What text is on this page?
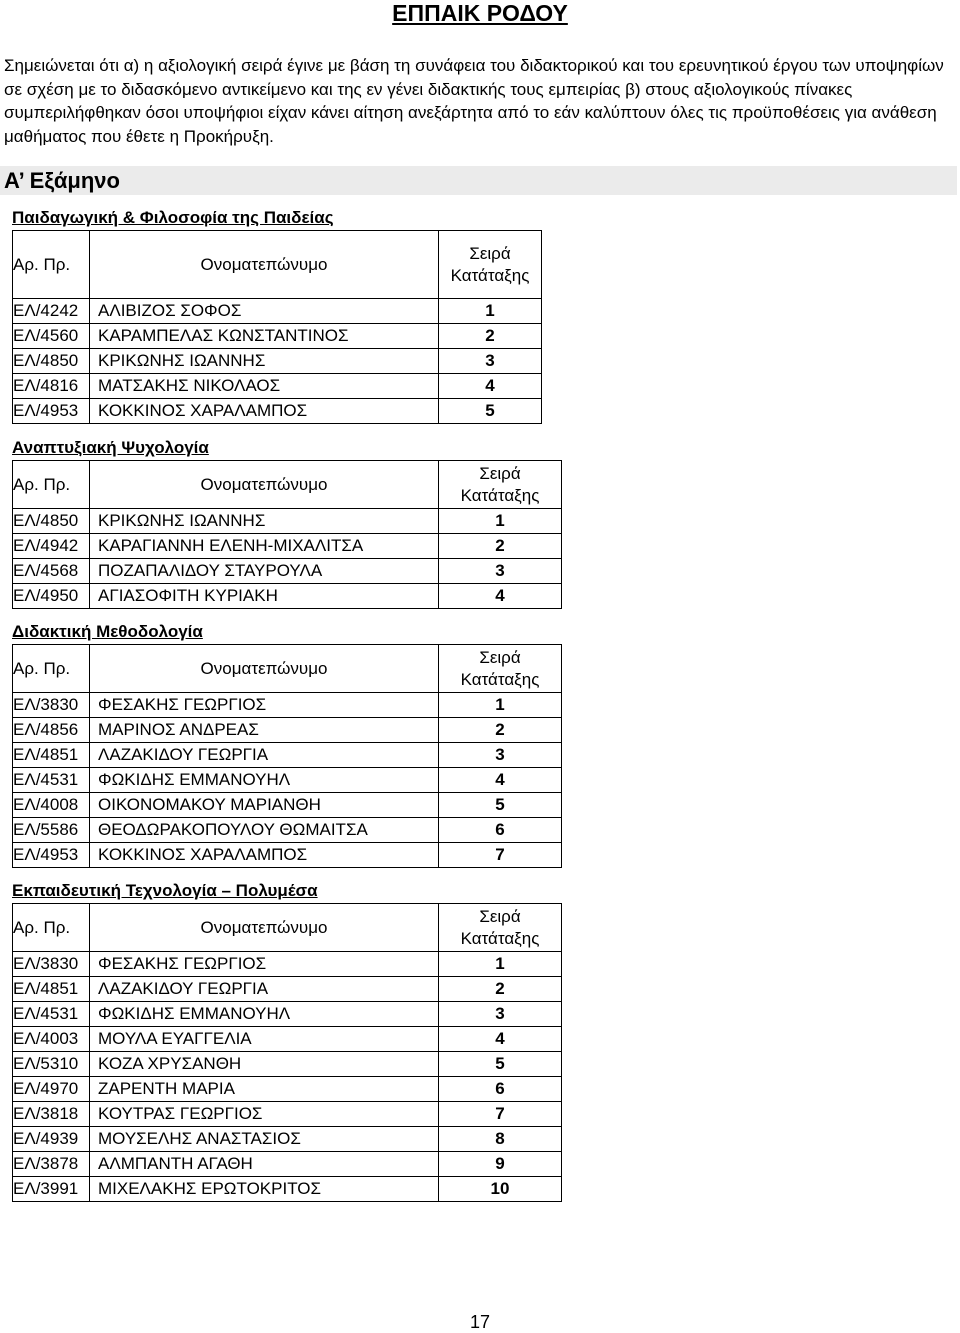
ΕΠΠΑΙΚ ΡΟΔΟΥ

Σημειώνεται ότι α) η αξιολογική σειρά έγινε με βάση τη συνάφεια του διδακτορικού και του ερευνητικού έργου των υποψηφίων σε σχέση με το διδασκόμενο αντικείμενο και της εν γένει διδακτικής τους εμπειρίας β) στους αξιολογικούς πίνακες συμπεριλήφθηκαν όσοι υποψήφιοι είχαν κάνει αίτηση ανεξάρτητα από το εάν καλύπτουν όλες τις προϋποθέσεις για ανάθεση μαθήματος που έθετε η Προκήρυξη.

Α’ Εξάμηνο
Παιδαγωγική & Φιλοσοφία της Παιδείας
Αρ. Πρ.	Ονοματεπώνυμο	Σειρά Κατάταξης
ΕΛ/4242	ΑΛΙΒΙΖΟΣ ΣΟΦΟΣ	1
ΕΛ/4560	ΚΑΡΑΜΠΕΛΑΣ ΚΩΝΣΤΑΝΤΙΝΟΣ	2
ΕΛ/4850	ΚΡΙΚΩΝΗΣ ΙΩΑΝΝΗΣ	3
ΕΛ/4816	ΜΑΤΣΑΚΗΣ ΝΙΚΟΛΑΟΣ	4
ΕΛ/4953	ΚΟΚΚΙΝΟΣ ΧΑΡΑΛΑΜΠΟΣ	5
Αναπτυξιακή Ψυχολογία
Αρ. Πρ.	Ονοματεπώνυμο	Σειρά Κατάταξης
ΕΛ/4850	ΚΡΙΚΩΝΗΣ ΙΩΑΝΝΗΣ	1
ΕΛ/4942	ΚΑΡΑΓΙΑΝΝΗ ΕΛΕΝΗ-ΜΙΧΑΛΙΤΣΑ	2
ΕΛ/4568	ΠΟΖΑΠΑΛΙΔΟΥ ΣΤΑΥΡΟΥΛΑ	3
ΕΛ/4950	ΑΓΙΑΣΟΦΙΤΗ ΚΥΡΙΑΚΗ	4
Διδακτική Μεθοδολογία
Αρ. Πρ.	Ονοματεπώνυμο	Σειρά Κατάταξης
ΕΛ/3830	ΦΕΣΑΚΗΣ ΓΕΩΡΓΙΟΣ	1
ΕΛ/4856	ΜΑΡΙΝΟΣ ΑΝΔΡΕΑΣ	2
ΕΛ/4851	ΛΑΖΑΚΙΔΟΥ ΓΕΩΡΓΙΑ	3
ΕΛ/4531	ΦΩΚΙΔΗΣ ΕΜΜΑΝΟΥΗΛ	4
ΕΛ/4008	ΟΙΚΟΝΟΜΑΚΟΥ ΜΑΡΙΑΝΘΗ	5
ΕΛ/5586	ΘΕΟΔΩΡΑΚΟΠΟΥΛΟΥ ΘΩΜΑΙΤΣΑ	6
ΕΛ/4953	ΚΟΚΚΙΝΟΣ ΧΑΡΑΛΑΜΠΟΣ	7
Εκπαιδευτική Τεχνολογία – Πολυμέσα
Αρ. Πρ.	Ονοματεπώνυμο	Σειρά Κατάταξης
ΕΛ/3830	ΦΕΣΑΚΗΣ ΓΕΩΡΓΙΟΣ	1
ΕΛ/4851	ΛΑΖΑΚΙΔΟΥ ΓΕΩΡΓΙΑ	2
ΕΛ/4531	ΦΩΚΙΔΗΣ ΕΜΜΑΝΟΥΗΛ	3
ΕΛ/4003	ΜΟΥΛΑ ΕΥΑΓΓΕΛΙΑ	4
ΕΛ/5310	ΚΟΖΑ ΧΡΥΣΑΝΘΗ	5
ΕΛ/4970	ΖΑΡΕΝΤΗ ΜΑΡΙΑ	6
ΕΛ/3818	ΚΟΥΤΡΑΣ ΓΕΩΡΓΙΟΣ	7
ΕΛ/4939	ΜΟΥΣΕΛΗΣ ΑΝΑΣΤΑΣΙΟΣ	8
ΕΛ/3878	ΑΛΜΠΑΝΤΗ ΑΓΑΘΗ	9
ΕΛ/3991	ΜΙΧΕΛΑΚΗΣ ΕΡΩΤΟΚΡΙΤΟΣ	10
17
